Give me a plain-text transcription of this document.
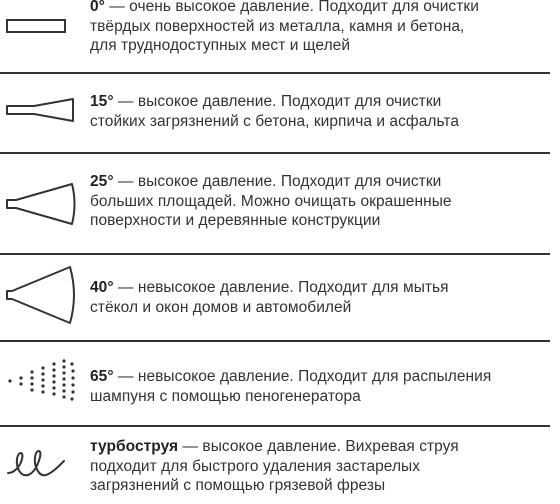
0° — очень высокое давление. Подходит для очистки
твёрдых поверхностей из металла, камня и бетона,
для труднодоступных мест и щелей
15° — высокое давление. Подходит для очистки
стойких загрязнений с бетона, кирпича и асфальта
25° — высокое давление. Подходит для очистки
больших площадей. Можно очищать окрашенные
поверхности и деревянные конструкции
40° — невысокое давление. Подходит для мытья
стёкол и окон домов и автомобилей
65° — невысокое давление. Подходит для распыления
шампуня с помощью пеногенератора
турбоструя — высокое давление. Вихревая струя
подходит для быстрого удаления застарелых
загрязнений с помощью грязевой фрезы
